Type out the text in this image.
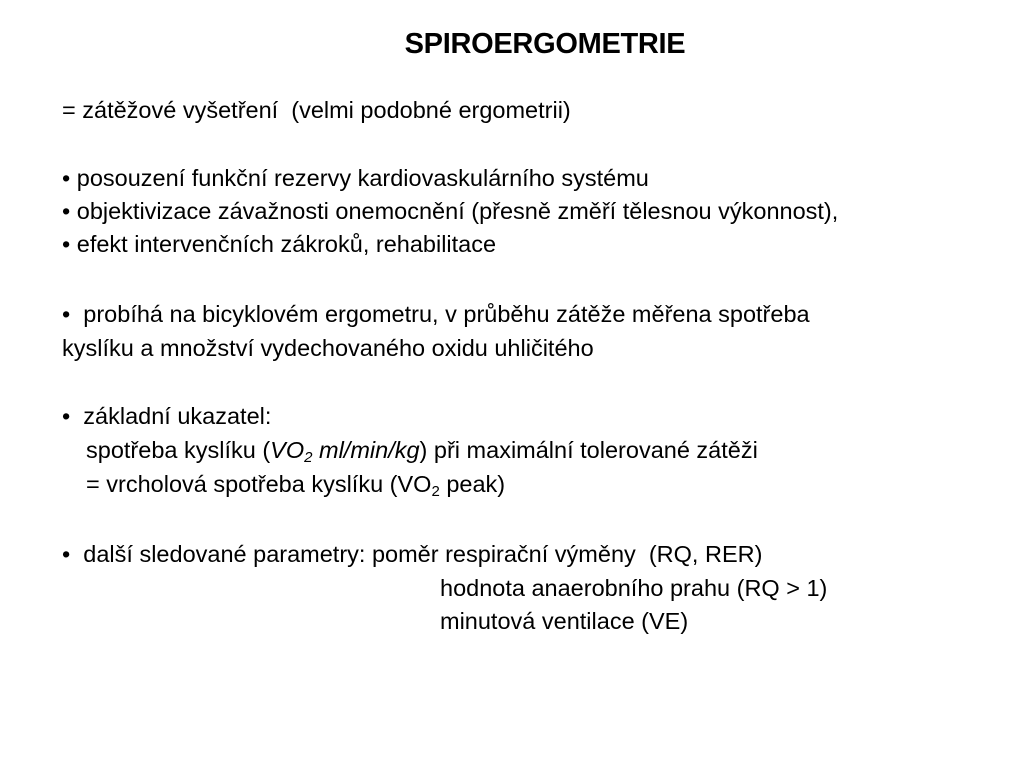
SPIROERGOMETRIE
= zátěžové vyšetření  (velmi podobné ergometrii)
• posouzení funkční rezervy kardiovaskulárního systému
• objektivizace závažnosti onemocnění (přesně změří tělesnou výkonnost),
• efekt intervenčních zákroků, rehabilitace
•  probíhá na bicyklovém ergometru, v průběhu zátěže měřena spotřeba
kyslíku a množství vydechovaného oxidu uhličitého
•  základní ukazatel:
spotřeba kyslíku ($VO_2$ ml/min/kg) při maximální tolerované zátěži
= vrcholová spotřeba kyslíku ($VO_2$ peak)
•  další sledované parametry: poměr respirační výměny  (RQ, RER)
hodnota anaerobního prahu (RQ > 1)
minutová ventilace (VE)
